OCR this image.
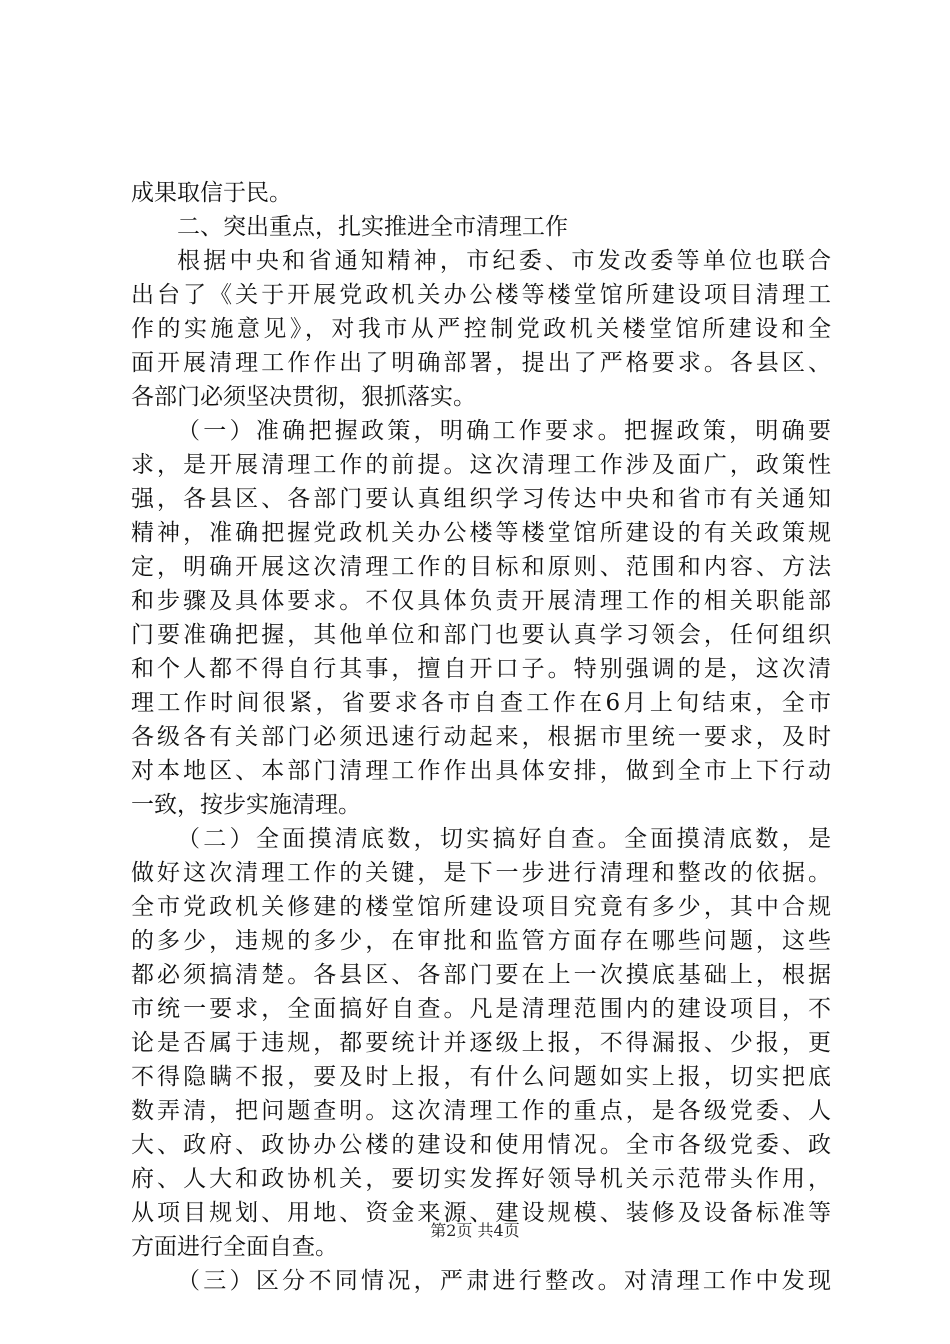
成果取信于民。
二、突出重点，扎实推进全市清理工作
根据中央和省通知精神，市纪委、市发改委等单位也联合
出台了《关于开展党政机关办公楼等楼堂馆所建设项目清理工
作的实施意见》，对我市从严控制党政机关楼堂馆所建设和全
面开展清理工作作出了明确部署，提出了严格要求。各县区、
各部门必须坚决贯彻，狠抓落实。
（一）准确把握政策，明确工作要求。把握政策，明确要
求，是开展清理工作的前提。这次清理工作涉及面广，政策性
强，各县区、各部门要认真组织学习传达中央和省市有关通知
精神，准确把握党政机关办公楼等楼堂馆所建设的有关政策规
定，明确开展这次清理工作的目标和原则、范围和内容、方法
和步骤及具体要求。不仅具体负责开展清理工作的相关职能部
门要准确把握，其他单位和部门也要认真学习领会，任何组织
和个人都不得自行其事，擅自开口子。特别强调的是，这次清
理工作时间很紧，省要求各市自查工作在6月上旬结束，全市
各级各有关部门必须迅速行动起来，根据市里统一要求，及时
对本地区、本部门清理工作作出具体安排，做到全市上下行动
一致，按步实施清理。
（二）全面摸清底数，切实搞好自查。全面摸清底数，是
做好这次清理工作的关键，是下一步进行清理和整改的依据。
全市党政机关修建的楼堂馆所建设项目究竟有多少，其中合规
的多少，违规的多少，在审批和监管方面存在哪些问题，这些
都必须搞清楚。各县区、各部门要在上一次摸底基础上，根据
市统一要求，全面搞好自查。凡是清理范围内的建设项目，不
论是否属于违规，都要统计并逐级上报，不得漏报、少报，更
不得隐瞒不报，要及时上报，有什么问题如实上报，切实把底
数弄清，把问题查明。这次清理工作的重点，是各级党委、人
大、政府、政协办公楼的建设和使用情况。全市各级党委、政
府、人大和政协机关，要切实发挥好领导机关示范带头作用，
从项目规划、用地、资金来源、建设规模、装修及设备标准等
方面进行全面自查。
（三）区分不同情况，严肃进行整改。对清理工作中发现
第2页 共4页
